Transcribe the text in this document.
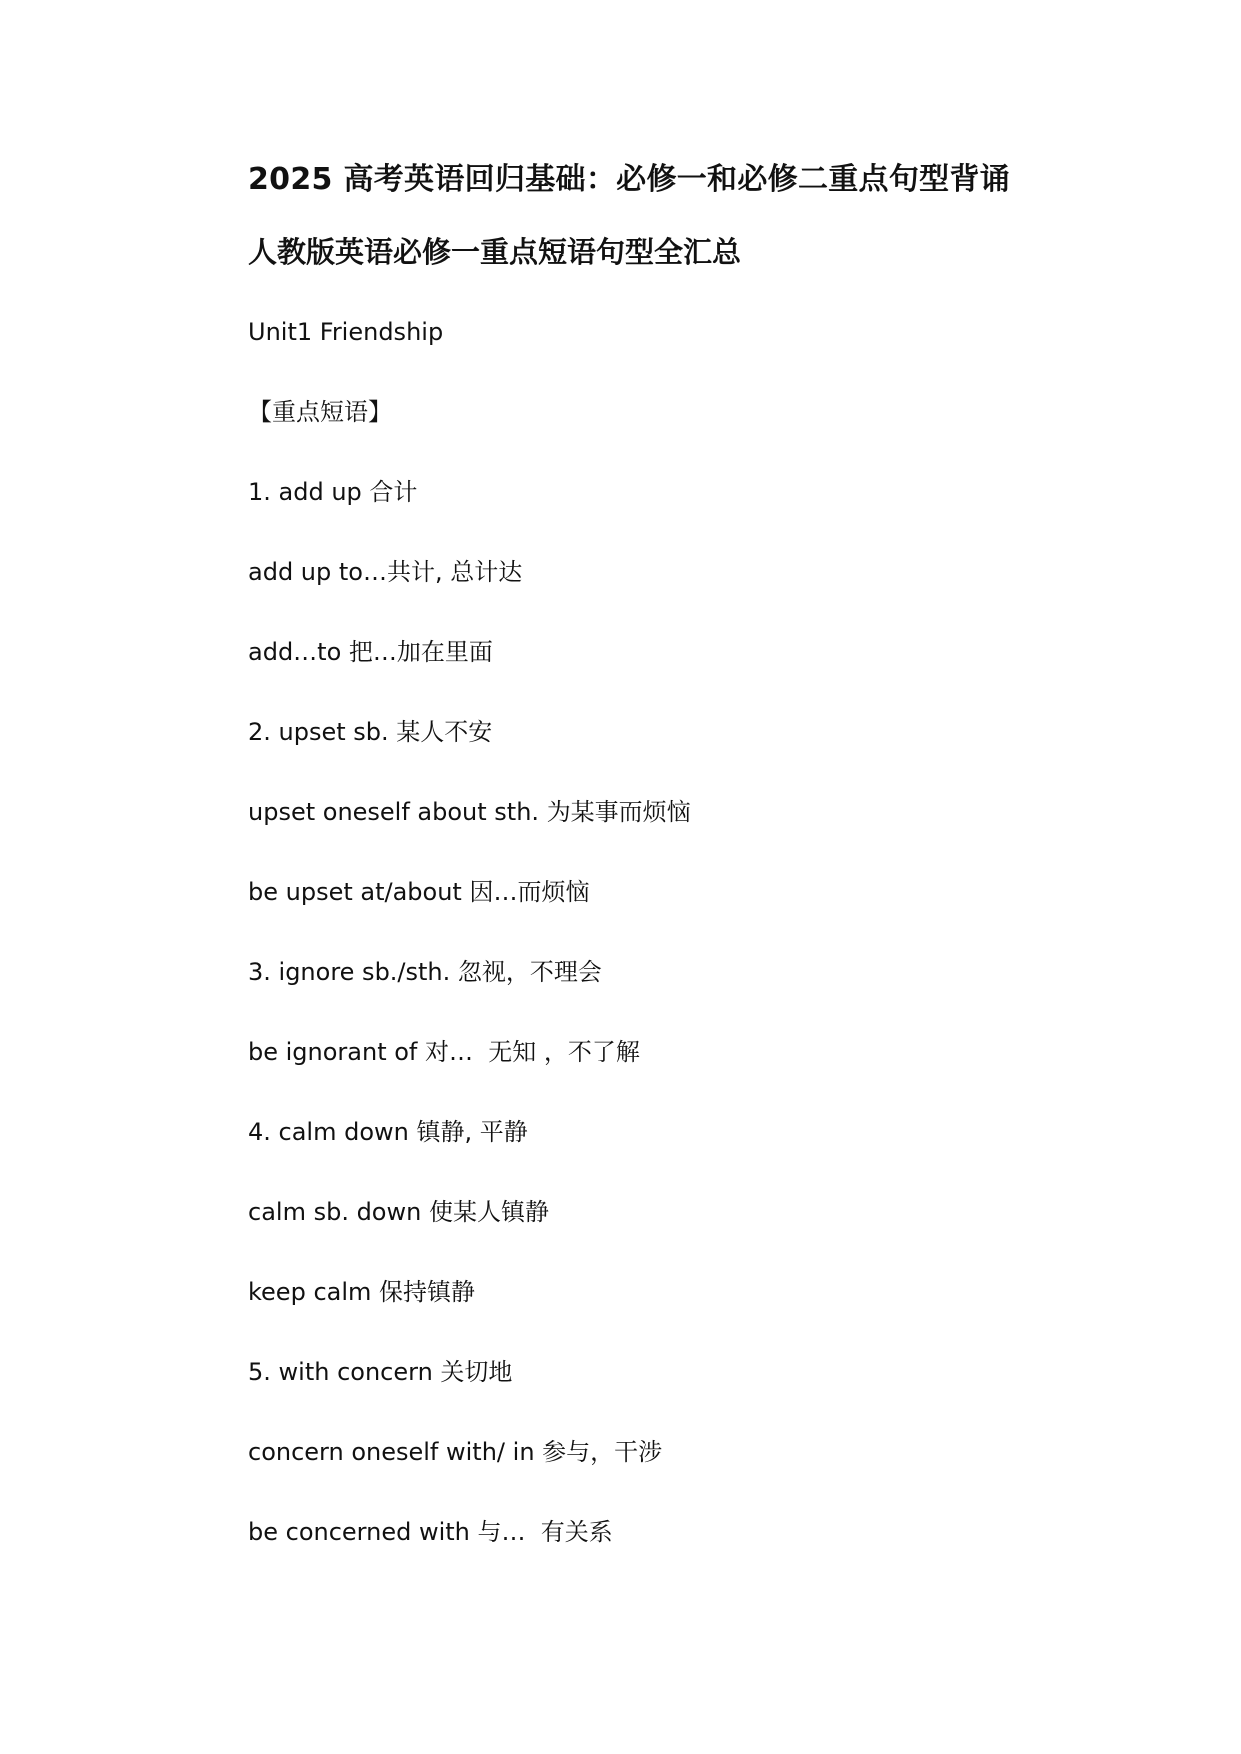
2025 高考英语回归基础：必修一和必修二重点句型背诵
人教版英语必修一重点短语句型全汇总

Unit1 Friendship

【重点短语】

1. add up 合计

add up to…共计, 总计达

add…to 把…加在里面

2. upset sb. 某人不安

upset oneself about sth. 为某事而烦恼

be upset at/about 因…而烦恼

3. ignore sb./sth. 忽视，不理会

be ignorant of 对…  无知 ，不了解

4. calm down 镇静, 平静

calm sb. down 使某人镇静

keep calm 保持镇静

5. with concern 关切地

concern oneself with/ in 参与，干涉

be concerned with 与…  有关系
